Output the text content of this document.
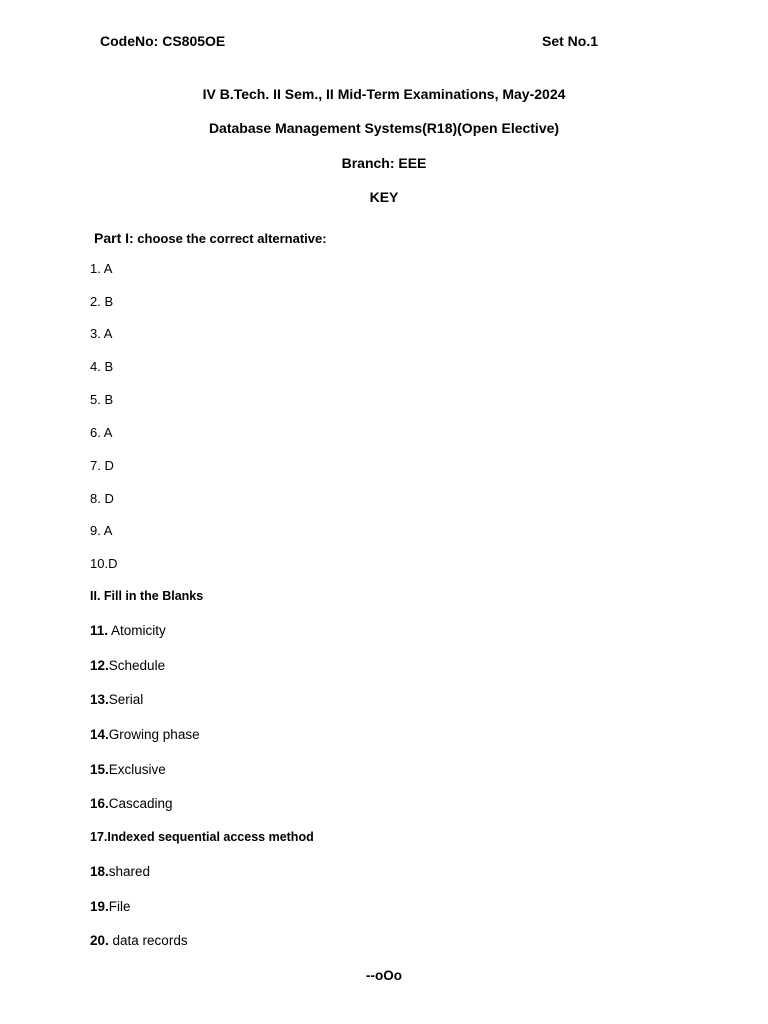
CodeNo: CS805OE	Set No.1
IV B.Tech. II Sem., II Mid-Term Examinations, May-2024
Database Management Systems(R18)(Open Elective)
Branch: EEE
KEY
Part I: choose the correct alternative:
1. A
2. B
3. A
4. B
5. B
6. A
7. D
8. D
9. A
10.D
II. Fill in the Blanks
11. Atomicity
12.Schedule
13.Serial
14.Growing phase
15.Exclusive
16.Cascading
17.Indexed sequential access method
18.shared
19.File
20. data records
--oOo
